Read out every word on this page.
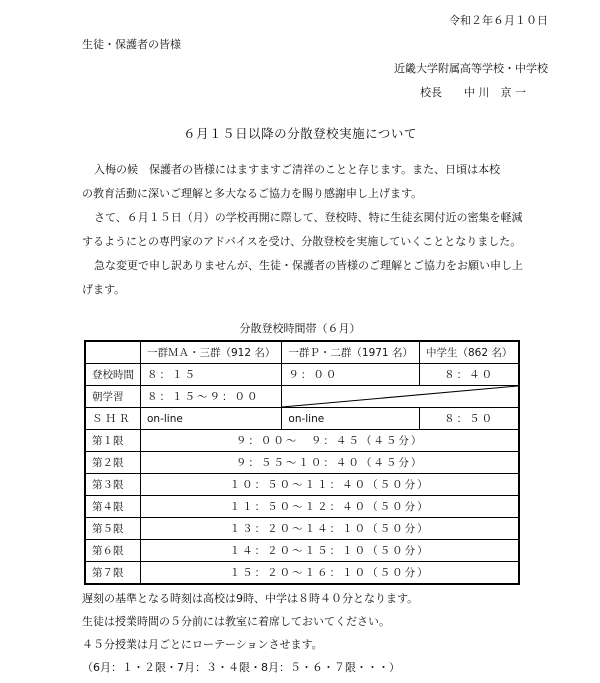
令和２年６月１０日
生徒・保護者の皆様
近畿大学附属高等学校・中学校
校長　　中 川　京 一
６月１５日以降の分散登校実施について
入梅の候　保護者の皆様にはますますご清祥のことと存じます。また、日頃は本校
の教育活動に深いご理解と多大なるご協力を賜り感謝申し上げます。
さて、６月１５日（月）の学校再開に際して、登校時、特に生徒玄関付近の密集を軽減
するようにとの専門家のアドバイスを受け、分散登校を実施していくこととなりました。
急な変更で申し訳ありませんが、生徒・保護者の皆様のご理解とご協力をお願い申し上
げます。
分散登校時間帯（６月）
	一群ＭＡ・三群（912 名）	一群Ｐ・二群（1971 名）	中学生（862 名）
登校時間	８：１５	９：００	８：４０
朝学習	８：１５～９：００	

ＳＨＲ	on-line	on-line	８：５０
第１限	９：００～　９：４５（４５分）		
第２限	９：５５～１０：４０（４５分）		
第３限	１０：５０～１１：４０（５０分）		
第４限	１１：５０～１２：４０（５０分）		
第５限	１３：２０～１４：１０（５０分）		
第６限	１４：２０～１５：１０（５０分）		
第７限	１５：２０～１６：１０（５０分）		
遅刻の基準となる時刻は高校は9時、中学は８時４０分となります。
生徒は授業時間の５分前には教室に着席しておいてください。
４５分授業は月ごとにローテーションさせます。
（6月：１・２限・7月：３・４限・8月：５・６・７限・・・）
